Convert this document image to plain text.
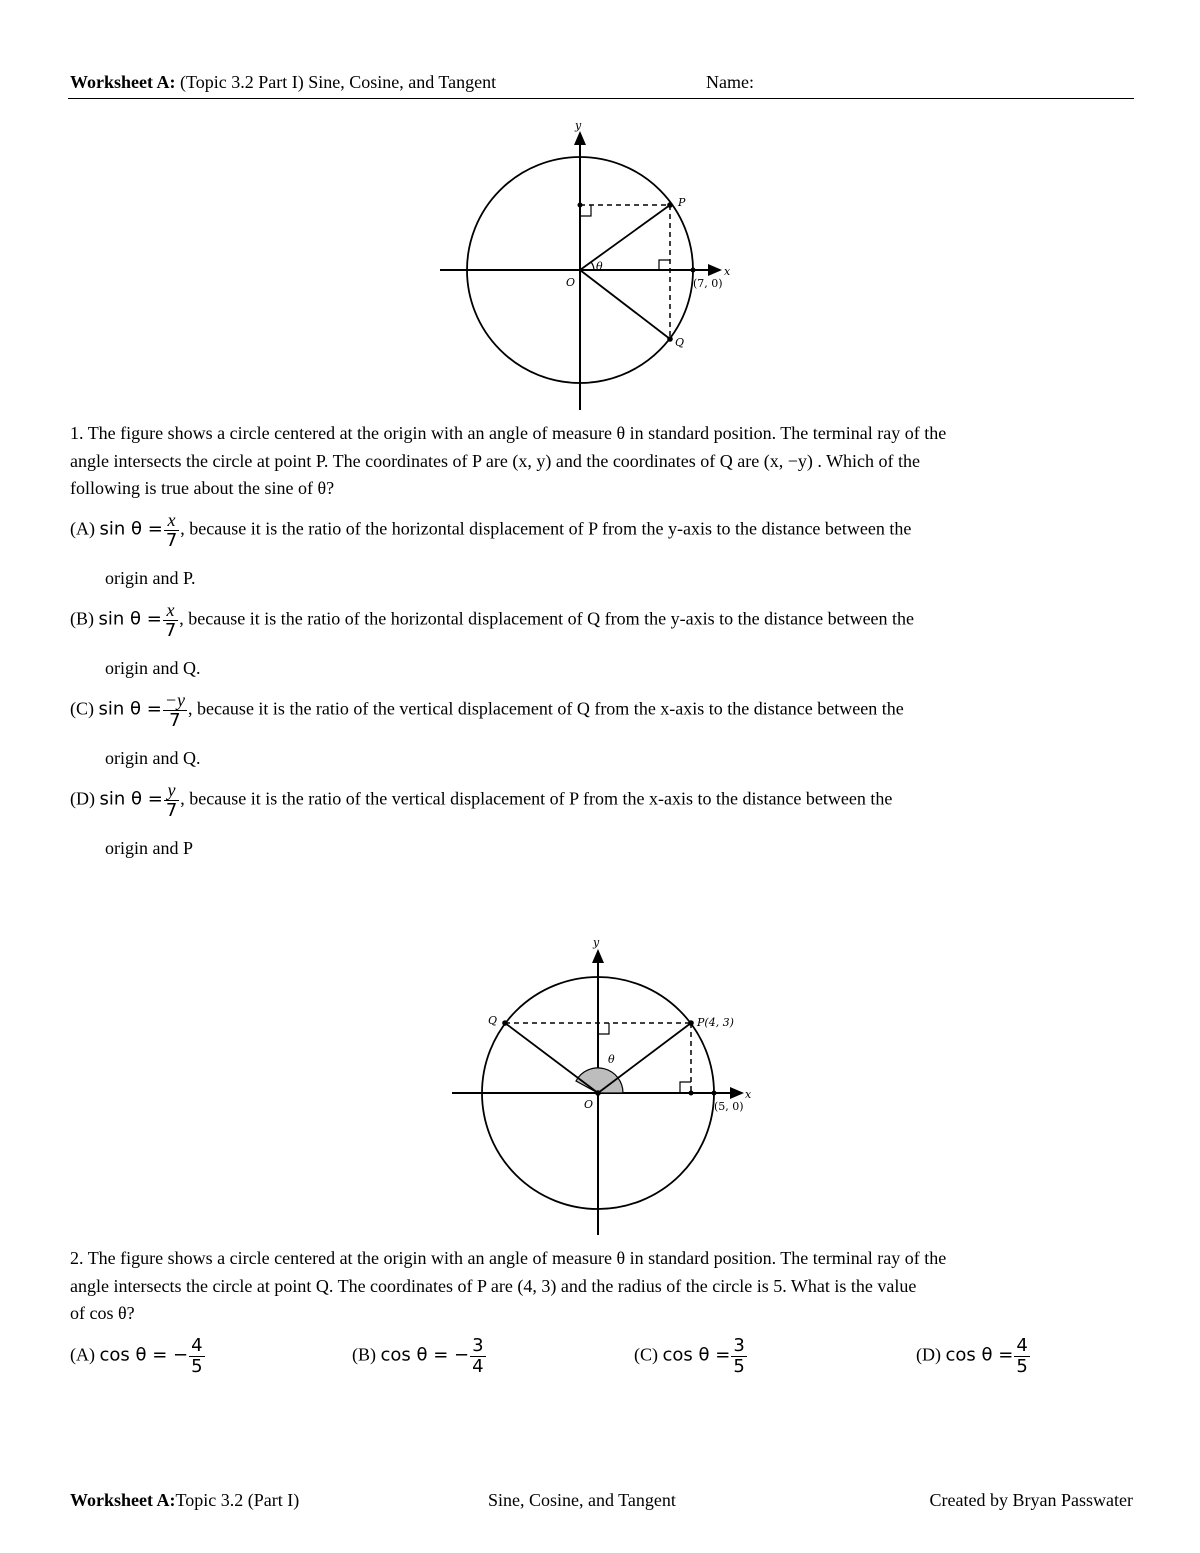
Worksheet A: (Topic 3.2 Part I) Sine, Cosine, and Tangent	Name:
y
x
O
θ
P
Q
(7, 0)
1. The figure shows a circle centered at the origin with an angle of measure θ in standard position. The terminal ray of the
angle intersects the circle at point P. The coordinates of P are (x, y) and the coordinates of Q are (x, −y) . Which of the
following is true about the sine of θ?
(A) $\sin \theta = \frac{x}{7}$ , because it is the ratio of the horizontal displacement of P from the y-axis to the distance between the
origin and P.
(B) $\sin \theta = \frac{x}{7}$ , because it is the ratio of the horizontal displacement of Q from the y-axis to the distance between the
origin and Q.
(C) $\sin \theta = \frac{-y}{7}$ , because it is the ratio of the vertical displacement of Q from the x-axis to the distance between the
origin and Q.
(D) $\sin \theta = \frac{y}{7}$ , because it is the ratio of the vertical displacement of P from the x-axis to the distance between the
origin and P
y
x
O
θ
P(4, 3)
Q
(5, 0)
2. The figure shows a circle centered at the origin with an angle of measure θ in standard position. The terminal ray of the
angle intersects the circle at point Q. The coordinates of P are (4, 3) and the radius of the circle is 5. What is the value
of cos θ?
(A) cos θ = − $\frac{4}{5}$	(B) cos θ = − $\frac{3}{4}$	(C) $\cos \theta = \frac{3}{5}$	(D) $\cos \theta = \frac{4}{5}$
Worksheet A: Topic 3.2 (Part I)	Sine, Cosine, and Tangent	Created by Bryan Passwater
